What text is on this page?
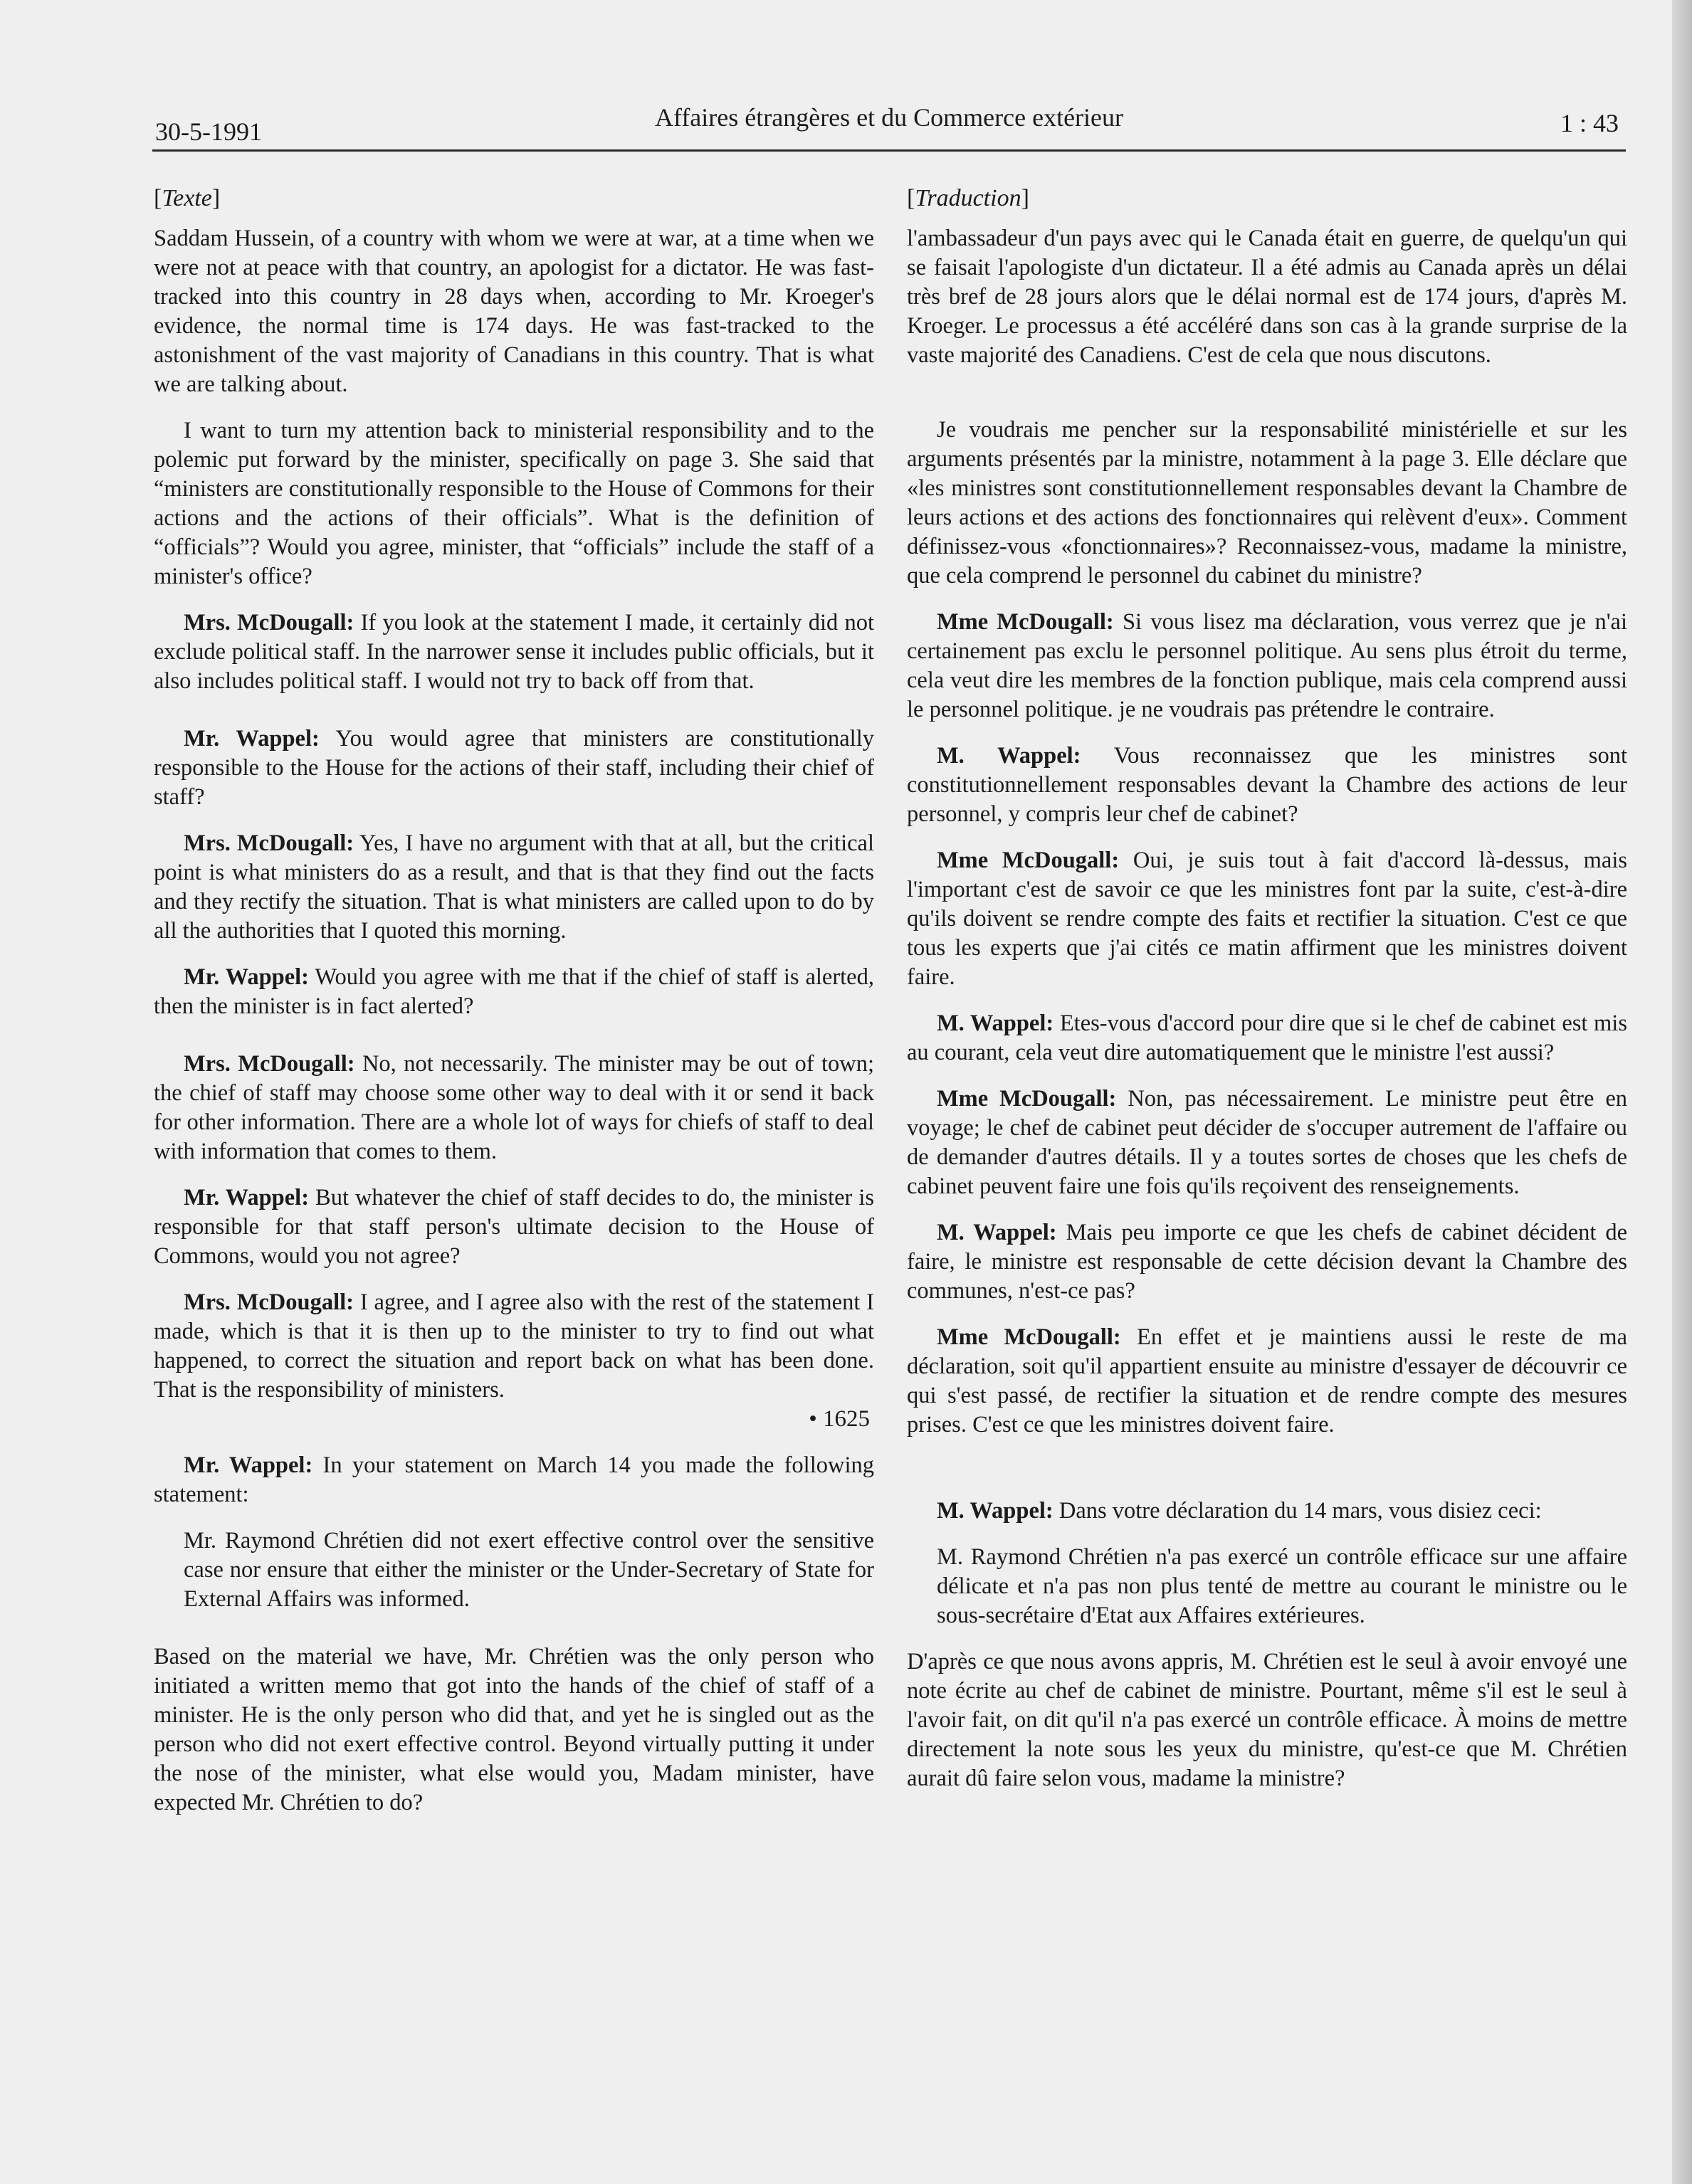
30-5-1991	Affaires étrangères et du Commerce extérieur	1 : 43

[Texte]

Saddam Hussein, of a country with whom we were at war, at a time when we were not at peace with that country, an apologist for a dictator. He was fast-tracked into this country in 28 days when, according to Mr. Kroeger's evidence, the normal time is 174 days. He was fast-tracked to the astonishment of the vast majority of Canadians in this country. That is what we are talking about.

I want to turn my attention back to ministerial responsibility and to the polemic put forward by the minister, specifically on page 3. She said that “ministers are constitutionally responsible to the House of Commons for their actions and the actions of their officials”. What is the definition of “officials”? Would you agree, minister, that “officials” include the staff of a minister's office?

Mrs. McDougall: If you look at the statement I made, it certainly did not exclude political staff. In the narrower sense it includes public officials, but it also includes political staff. I would not try to back off from that.

Mr. Wappel: You would agree that ministers are constitutionally responsible to the House for the actions of their staff, including their chief of staff?

Mrs. McDougall: Yes, I have no argument with that at all, but the critical point is what ministers do as a result, and that is that they find out the facts and they rectify the situation. That is what ministers are called upon to do by all the authorities that I quoted this morning.

Mr. Wappel: Would you agree with me that if the chief of staff is alerted, then the minister is in fact alerted?

Mrs. McDougall: No, not necessarily. The minister may be out of town; the chief of staff may choose some other way to deal with it or send it back for other information. There are a whole lot of ways for chiefs of staff to deal with information that comes to them.

Mr. Wappel: But whatever the chief of staff decides to do, the minister is responsible for that staff person's ultimate decision to the House of Commons, would you not agree?

Mrs. McDougall: I agree, and I agree also with the rest of the statement I made, which is that it is then up to the minister to try to find out what happened, to correct the situation and report back on what has been done. That is the responsibility of ministers.

• 1625

Mr. Wappel: In your statement on March 14 you made the following statement:

Mr. Raymond Chrétien did not exert effective control over the sensitive case nor ensure that either the minister or the Under-Secretary of State for External Affairs was informed.

Based on the material we have, Mr. Chrétien was the only person who initiated a written memo that got into the hands of the chief of staff of a minister. He is the only person who did that, and yet he is singled out as the person who did not exert effective control. Beyond virtually putting it under the nose of the minister, what else would you, Madam minister, have expected Mr. Chrétien to do?

[Traduction]

l'ambassadeur d'un pays avec qui le Canada était en guerre, de quelqu'un qui se faisait l'apologiste d'un dictateur. Il a été admis au Canada après un délai très bref de 28 jours alors que le délai normal est de 174 jours, d'après M. Kroeger. Le processus a été accéléré dans son cas à la grande surprise de la vaste majorité des Canadiens. C'est de cela que nous discutons.

Je voudrais me pencher sur la responsabilité ministérielle et sur les arguments présentés par la ministre, notamment à la page 3. Elle déclare que «les ministres sont constitutionnellement responsables devant la Chambre de leurs actions et des actions des fonctionnaires qui relèvent d'eux». Comment définissez-vous «fonctionnaires»? Reconnaissez-vous, madame la ministre, que cela comprend le personnel du cabinet du ministre?

Mme McDougall: Si vous lisez ma déclaration, vous verrez que je n'ai certainement pas exclu le personnel politique. Au sens plus étroit du terme, cela veut dire les membres de la fonction publique, mais cela comprend aussi le personnel politique. je ne voudrais pas prétendre le contraire.

M. Wappel: Vous reconnaissez que les ministres sont constitutionnellement responsables devant la Chambre des actions de leur personnel, y compris leur chef de cabinet?

Mme McDougall: Oui, je suis tout à fait d'accord là-dessus, mais l'important c'est de savoir ce que les ministres font par la suite, c'est-à-dire qu'ils doivent se rendre compte des faits et rectifier la situation. C'est ce que tous les experts que j'ai cités ce matin affirment que les ministres doivent faire.

M. Wappel: Etes-vous d'accord pour dire que si le chef de cabinet est mis au courant, cela veut dire automatiquement que le ministre l'est aussi?

Mme McDougall: Non, pas nécessairement. Le ministre peut être en voyage; le chef de cabinet peut décider de s'occuper autrement de l'affaire ou de demander d'autres détails. Il y a toutes sortes de choses que les chefs de cabinet peuvent faire une fois qu'ils reçoivent des renseignements.

M. Wappel: Mais peu importe ce que les chefs de cabinet décident de faire, le ministre est responsable de cette décision devant la Chambre des communes, n'est-ce pas?

Mme McDougall: En effet et je maintiens aussi le reste de ma déclaration, soit qu'il appartient ensuite au ministre d'essayer de découvrir ce qui s'est passé, de rectifier la situation et de rendre compte des mesures prises. C'est ce que les ministres doivent faire.

M. Wappel: Dans votre déclaration du 14 mars, vous disiez ceci:

M. Raymond Chrétien n'a pas exercé un contrôle efficace sur une affaire délicate et n'a pas non plus tenté de mettre au courant le ministre ou le sous-secrétaire d'Etat aux Affaires extérieures.

D'après ce que nous avons appris, M. Chrétien est le seul à avoir envoyé une note écrite au chef de cabinet de ministre. Pourtant, même s'il est le seul à l'avoir fait, on dit qu'il n'a pas exercé un contrôle efficace. À moins de mettre directement la note sous les yeux du ministre, qu'est-ce que M. Chrétien aurait dû faire selon vous, madame la ministre?
